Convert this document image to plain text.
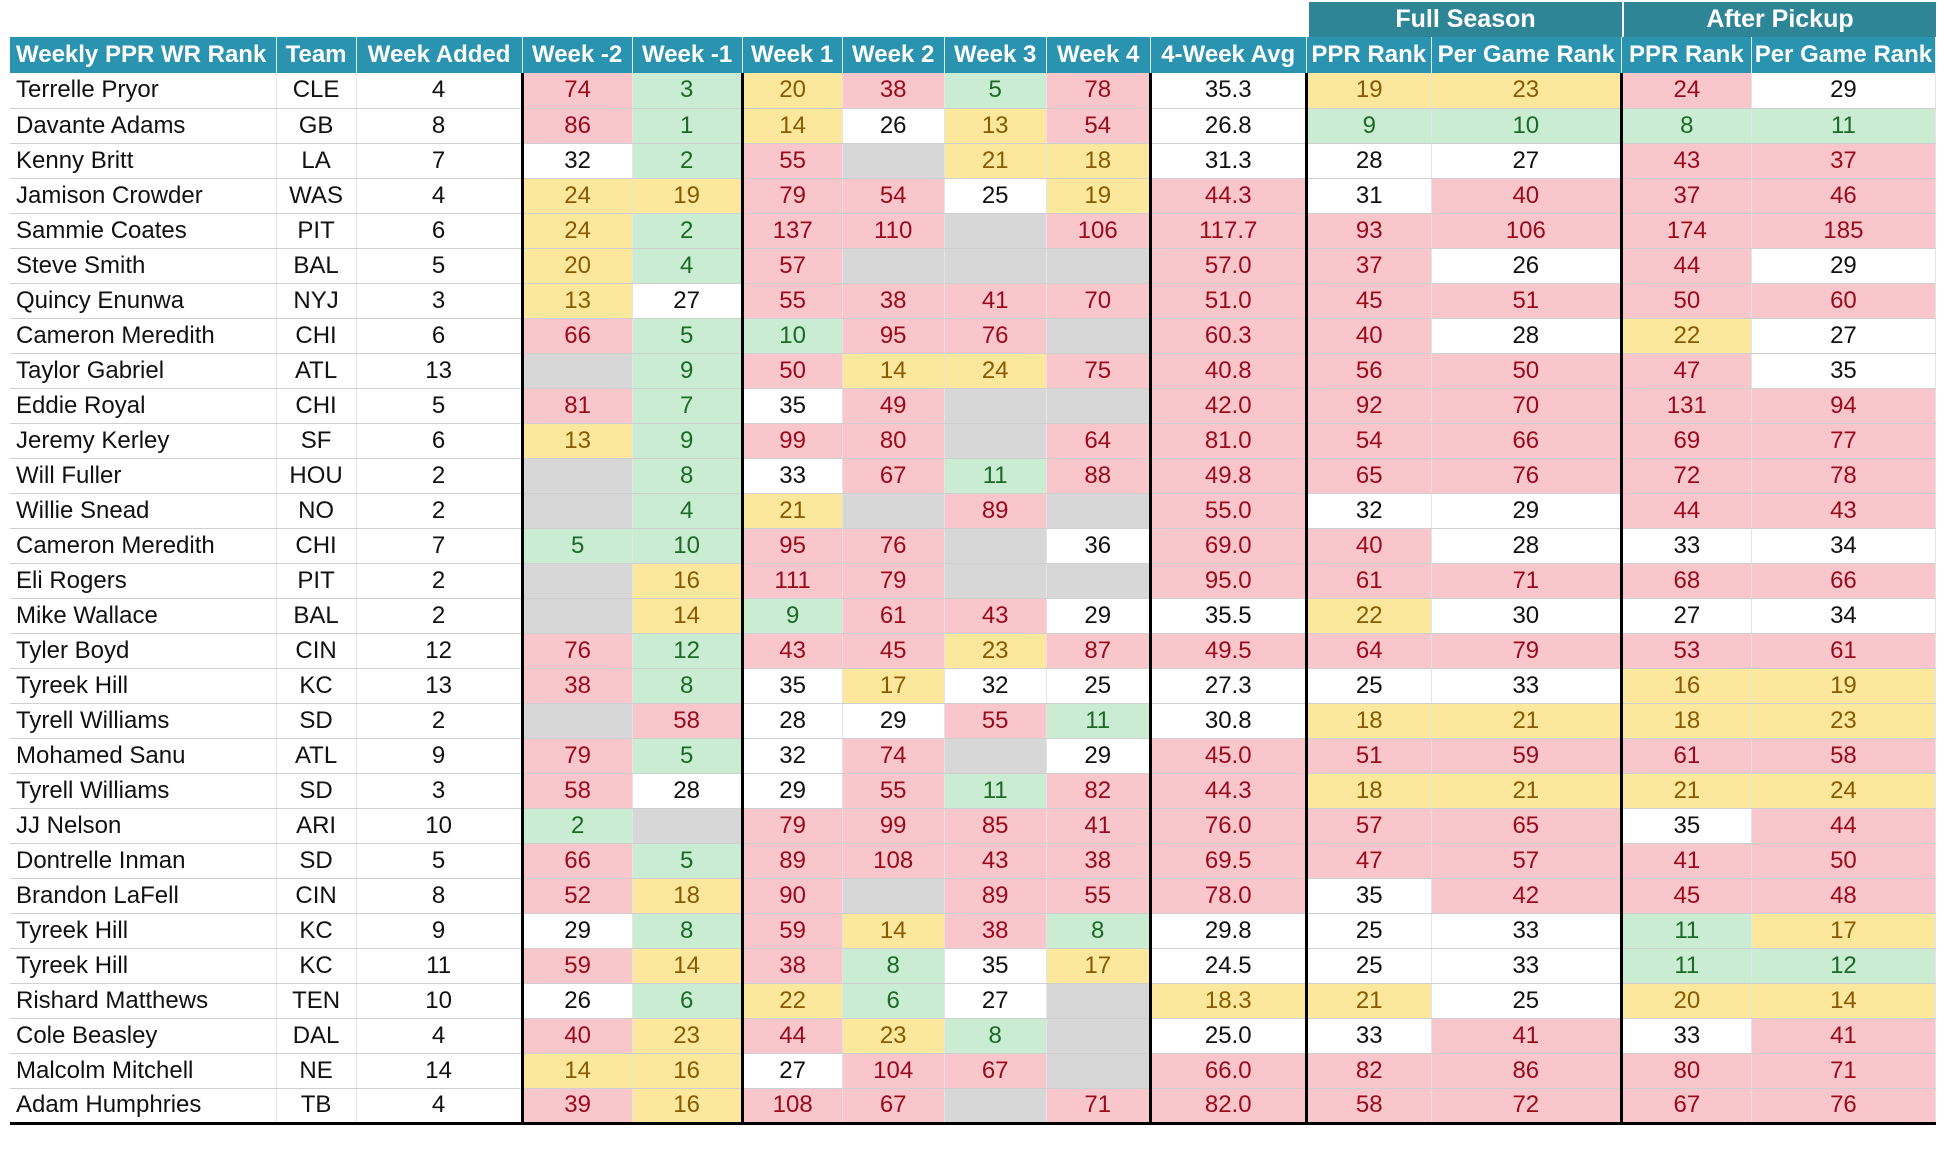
Full Season	After Pickup
Weekly PPR WR Rank	Team	Week Added	Week -2	Week -1	Week 1	Week 2	Week 3	Week 4	4-Week Avg	PPR Rank	Per Game Rank	PPR Rank	Per Game Rank
Terrelle Pryor	CLE	4	74	3	20	38	5	78	35.3	19	23	24	29
Davante Adams	GB	8	86	1	14	26	13	54	26.8	9	10	8	11
Kenny Britt	LA	7	32	2	55		21	18	31.3	28	27	43	37
Jamison Crowder	WAS	4	24	19	79	54	25	19	44.3	31	40	37	46
Sammie Coates	PIT	6	24	2	137	110		106	117.7	93	106	174	185
Steve Smith	BAL	5	20	4	57				57.0	37	26	44	29
Quincy Enunwa	NYJ	3	13	27	55	38	41	70	51.0	45	51	50	60
Cameron Meredith	CHI	6	66	5	10	95	76		60.3	40	28	22	27
Taylor Gabriel	ATL	13		9	50	14	24	75	40.8	56	50	47	35
Eddie Royal	CHI	5	81	7	35	49			42.0	92	70	131	94
Jeremy Kerley	SF	6	13	9	99	80		64	81.0	54	66	69	77
Will Fuller	HOU	2		8	33	67	11	88	49.8	65	76	72	78
Willie Snead	NO	2		4	21		89		55.0	32	29	44	43
Cameron Meredith	CHI	7	5	10	95	76		36	69.0	40	28	33	34
Eli Rogers	PIT	2		16	111	79			95.0	61	71	68	66
Mike Wallace	BAL	2		14	9	61	43	29	35.5	22	30	27	34
Tyler Boyd	CIN	12	76	12	43	45	23	87	49.5	64	79	53	61
Tyreek Hill	KC	13	38	8	35	17	32	25	27.3	25	33	16	19
Tyrell Williams	SD	2		58	28	29	55	11	30.8	18	21	18	23
Mohamed Sanu	ATL	9	79	5	32	74		29	45.0	51	59	61	58
Tyrell Williams	SD	3	58	28	29	55	11	82	44.3	18	21	21	24
JJ Nelson	ARI	10	2		79	99	85	41	76.0	57	65	35	44
Dontrelle Inman	SD	5	66	5	89	108	43	38	69.5	47	57	41	50
Brandon LaFell	CIN	8	52	18	90		89	55	78.0	35	42	45	48
Tyreek Hill	KC	9	29	8	59	14	38	8	29.8	25	33	11	17
Tyreek Hill	KC	11	59	14	38	8	35	17	24.5	25	33	11	12
Rishard Matthews	TEN	10	26	6	22	6	27		18.3	21	25	20	14
Cole Beasley	DAL	4	40	23	44	23	8		25.0	33	41	33	41
Malcolm Mitchell	NE	14	14	16	27	104	67		66.0	82	86	80	71
Adam Humphries	TB	4	39	16	108	67		71	82.0	58	72	67	76
